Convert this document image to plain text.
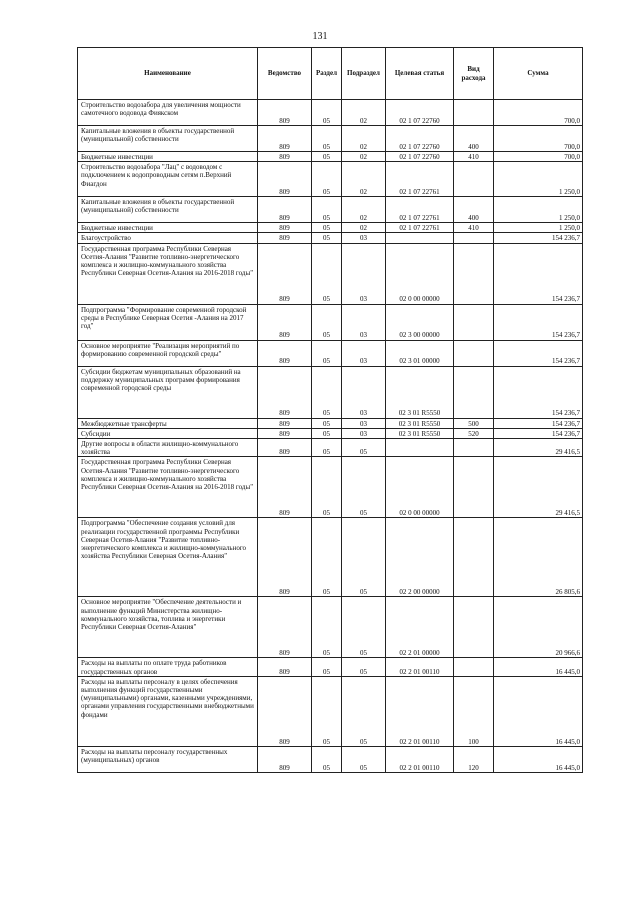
131
Наименование	Ведомство	Раздел	Подраздел	Целевая статья	Вид расхода	Сумма
Строительство водозабора для увеличения мощности самотечного водовода Фиякском	809	05	02	02 1 07 22760		700,0
Капитальные вложения в объекты государственной (муниципальной) собственности	809	05	02	02 1 07 22760	400	700,0
Бюджетные инвестиции	809	05	02	02 1 07 22760	410	700,0
Строительство водозабора "Лац" с водоводом с подключением к водопроводным сетям п.Верхний Фиагдон	809	05	02	02 1 07 22761		1 250,0
Капитальные вложения в объекты государственной (муниципальной) собственности	809	05	02	02 1 07 22761	400	1 250,0
Бюджетные инвестиции	809	05	02	02 1 07 22761	410	1 250,0
Благоустройство	809	05	03			154 236,7
Государственная программа Республики Северная Осетия-Алания "Развитие топливно-энергетического комплекса и жилищно-коммунального хозяйства Республики Северная Осетия-Алания на 2016-2018 годы"	809	05	03	02 0 00 00000		154 236,7
Подпрограмма "Формирование современной городской среды в Республике Северная Осетия -Алания на 2017 год"	809	05	03	02 3 00 00000		154 236,7
Основное мероприятие "Реализация мероприятий по формированию современной городской среды"	809	05	03	02 3 01 00000		154 236,7
Субсидии бюджетам муниципальных образований на поддержку муниципальных программ формирования современной городской среды	809	05	03	02 3 01 R5550		154 236,7
Межбюджетные трансферты	809	05	03	02 3 01 R5550	500	154 236,7
Субсидии	809	05	03	02 3 01 R5550	520	154 236,7
Другие вопросы в области жилищно-коммунального хозяйства	809	05	05			29 416,5
Государственная программа Республики Северная Осетия-Алания "Развитие топливно-энергетического комплекса и жилищно-коммунального хозяйства Республики Северная Осетия-Алания на 2016-2018 годы"	809	05	05	02 0 00 00000		29 416,5
Подпрограмма "Обеспечение создания условий для реализации государственной программы Республики Северная Осетия-Алания "Развитие топливно-энергетического комплекса и жилищно-коммунального хозяйства Республики Северная Осетия-Алания"	809	05	05	02 2 00 00000		26 805,6
Основное мероприятие "Обеспечение деятельности и выполнение функций Министерства жилищно-коммунального хозяйства, топлива и энергетики Республики Северная Осетия-Алания"	809	05	05	02 2 01 00000		20 966,6
Расходы на выплаты по оплате труда работников государственных органов	809	05	05	02 2 01 00110		16 445,0
Расходы на выплаты персоналу в целях обеспечения выполнения функций государственными (муниципальными) органами, казенными учреждениями, органами управления государственными внебюджетными фондами	809	05	05	02 2 01 00110	100	16 445,0
Расходы на выплаты персоналу государственных (муниципальных) органов	809	05	05	02 2 01 00110	120	16 445,0
